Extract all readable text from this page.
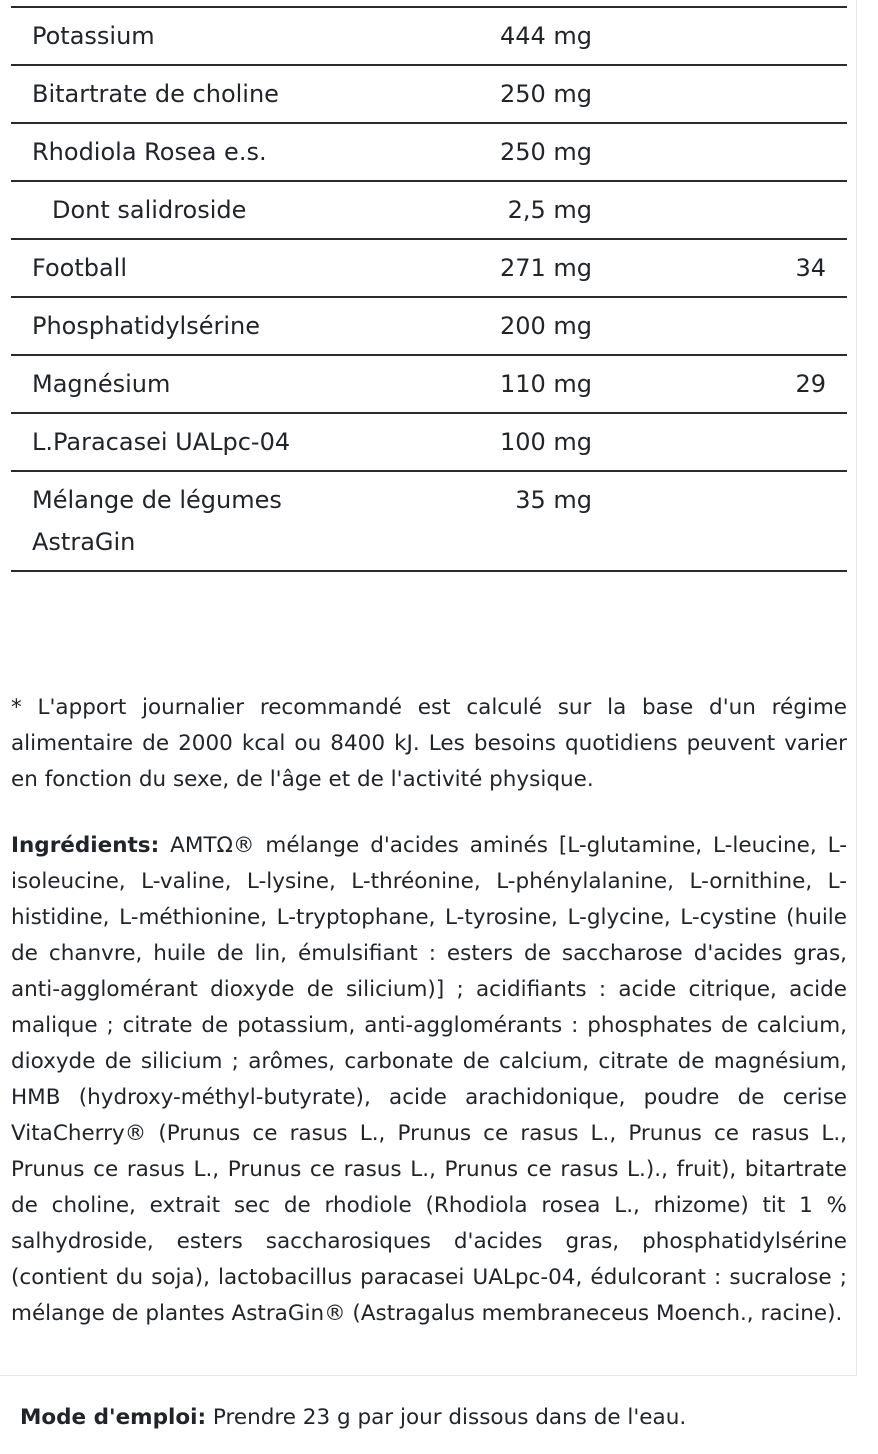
Potassium	444 mg	
Bitartrate de choline	250 mg	
Rhodiola Rosea e.s.	250 mg	
Dont salidroside	2,5 mg	
Football	271 mg	34
Phosphatidylsérine	200 mg	
Magnésium	110 mg	29
L.Paracasei UALpc-04	100 mg	
Mélange de légumes AstraGin	35 mg	
* L'apport journalier recommandé est calculé sur la base d'un régime alimentaire de 2000 kcal ou 8400 kJ. Les besoins quotidiens peuvent varier en fonction du sexe, de l'âge et de l'activité physique.
Ingrédients: AMTΩ® mélange d'acides aminés [L-glutamine, L-leucine, L-isoleucine, L-valine, L-lysine, L-thréonine, L-phénylalanine, L-ornithine, L-histidine, L-méthionine, L-tryptophane, L-tyrosine, L-glycine, L-cystine (huile de chanvre, huile de lin, émulsifiant : esters de saccharose d'acides gras, anti-agglomérant dioxyde de silicium)] ; acidifiants : acide citrique, acide malique ; citrate de potassium, anti-agglomérants : phosphates de calcium, dioxyde de silicium ; arômes, carbonate de calcium, citrate de magnésium, HMB (hydroxy-méthyl-butyrate), acide arachidonique, poudre de cerise VitaCherry® (Prunus ce rasus L., Prunus ce rasus L., Prunus ce rasus L., Prunus ce rasus L., Prunus ce rasus L., Prunus ce rasus L.)., fruit), bitartrate de choline, extrait sec de rhodiole (Rhodiola rosea L., rhizome) tit 1 % salhydroside, esters saccharosiques d'acides gras, phosphatidylsérine (contient du soja), lactobacillus paracasei UALpc-04, édulcorant : sucralose ; mélange de plantes AstraGin® (Astragalus membraneceus Moench., racine).
Mode d'emploi: Prendre 23 g par jour dissous dans de l'eau.
